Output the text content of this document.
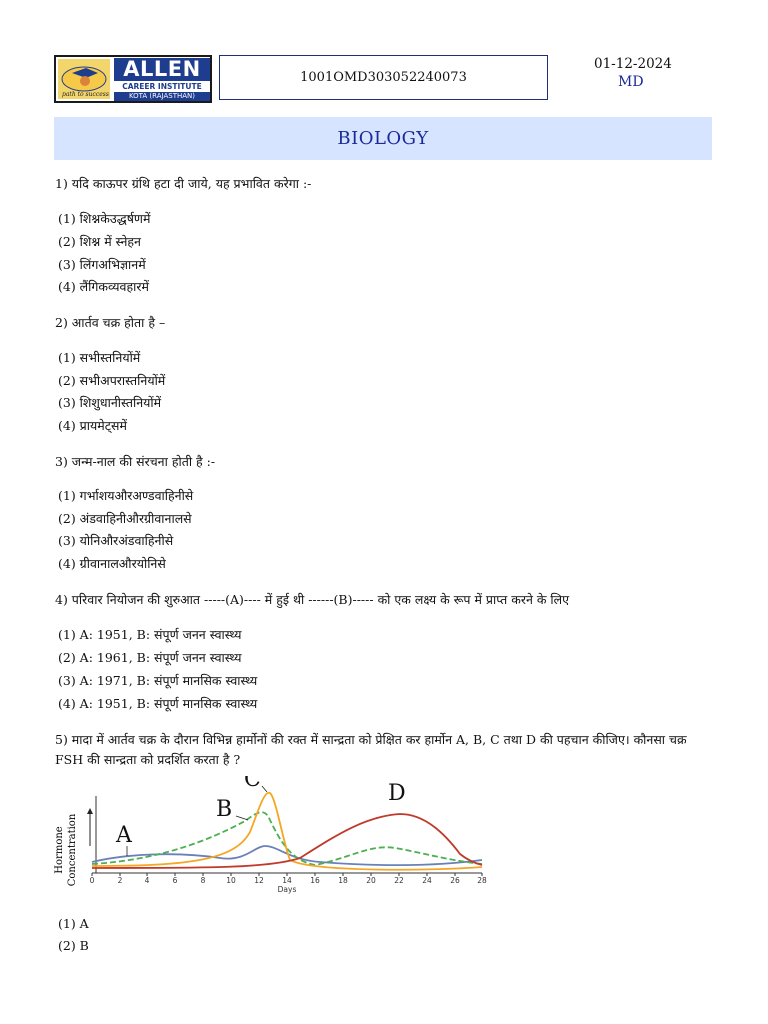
path to success
ALLEN
CAREER INSTITUTE
KOTA (RAJASTHAN)
1001OMD303052240073
01-12-2024
MD
BIOLOGY
1) यदि काऊपर ग्रंथि हटा दी जाये, यह प्रभावित करेगा :-
(1) शिश्नकेउद्धर्षणमें
(2) शिश्न में स्नेहन
(3) लिंगअभिज्ञानमें
(4) लैंगिकव्यवहारमें
2) आर्तव चक्र होता है –
(1) सभीस्तनियोंमें
(2) सभीअपरास्तनियोंमें
(3) शिशुधानीस्तनियोंमें
(4) प्रायमेट्समें
3) जन्म-नाल की संरचना होती है :-
(1) गर्भाशयऔरअण्डवाहिनीसे
(2) अंडवाहिनीऔरग्रीवानालसे
(3) योनिऔरअंडवाहिनीसे
(4) ग्रीवानालऔरयोनिसे
4) परिवार नियोजन की शुरुआत -----(A)---- में हुई थी ------(B)----- को एक लक्ष्य के रूप में प्राप्त करने के लिए
(1) A: 1951, B: संपूर्ण जनन स्वास्थ्य
(2) A: 1961, B: संपूर्ण जनन स्वास्थ्य
(3) A: 1971, B: संपूर्ण मानसिक स्वास्थ्य
(4) A: 1951, B: संपूर्ण मानसिक स्वास्थ्य
5) मादा में आर्तव चक्र के दौरान विभिन्न हार्मोनों की रक्त में सान्द्रता को प्रेक्षित कर हार्मोन A, B, C तथा D की पहचान कीजिए। कौनसा चक्र FSH की सान्द्रता को प्रदर्शित करता है ?
Hormone Concentration 0	2	4	6	8	10 12 14 16 18 20 22 24 26 28
Days
A
B
C
D
(1) A
(2) B
